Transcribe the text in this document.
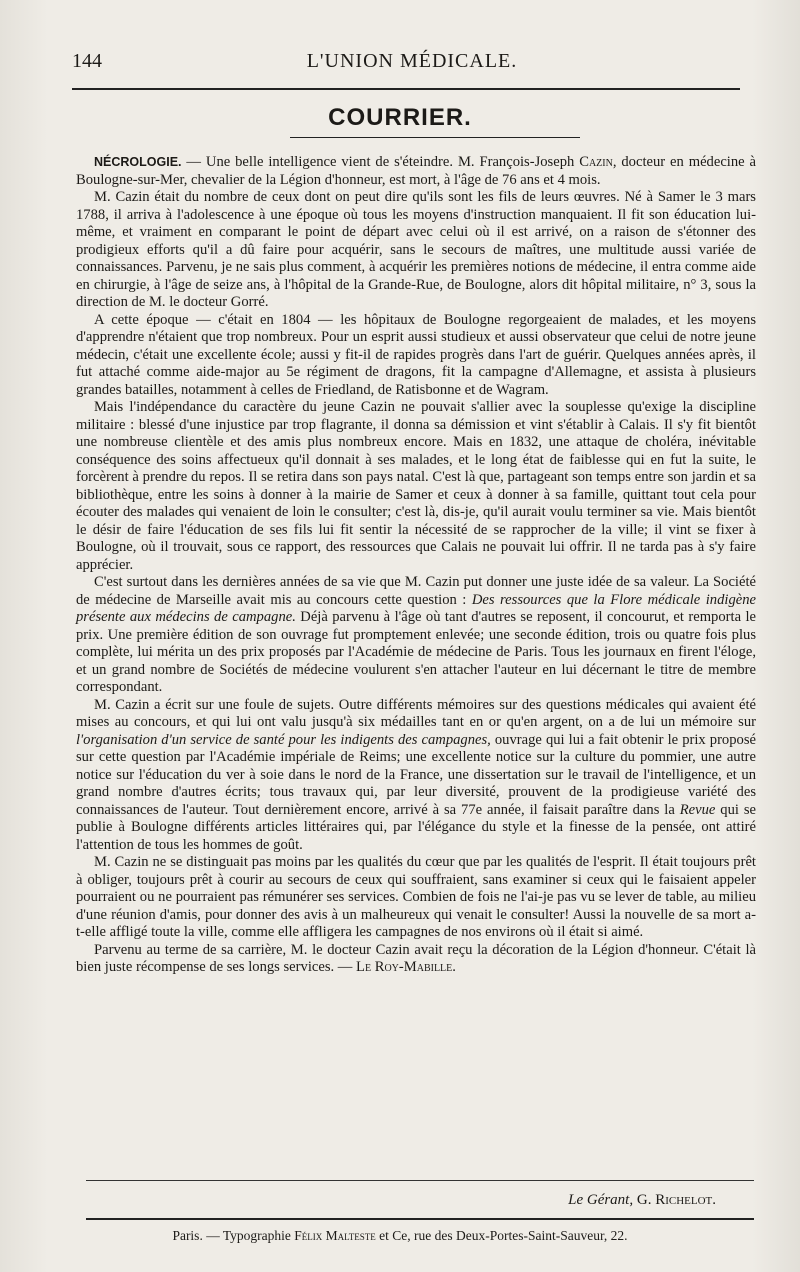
144	L'UNION MÉDICALE.
COURRIER.

NÉCROLOGIE. — Une belle intelligence vient de s'éteindre. M. François-Joseph Cazin, docteur en médecine à Boulogne-sur-Mer, chevalier de la Légion d'honneur, est mort, à l'âge de 76 ans et 4 mois.

M. Cazin était du nombre de ceux dont on peut dire qu'ils sont les fils de leurs œuvres. Né à Samer le 3 mars 1788, il arriva à l'adolescence à une époque où tous les moyens d'instruction manquaient. Il fit son éducation lui-même, et vraiment en comparant le point de départ avec celui où il est arrivé, on a raison de s'étonner des prodigieux efforts qu'il a dû faire pour acquérir, sans le secours de maîtres, une multitude aussi variée de connaissances. Parvenu, je ne sais plus comment, à acquérir les premières notions de médecine, il entra comme aide en chirurgie, à l'âge de seize ans, à l'hôpital de la Grande-Rue, de Boulogne, alors dit hôpital militaire, n° 3, sous la direction de M. le docteur Gorré.

A cette époque — c'était en 1804 — les hôpitaux de Boulogne regorgeaient de malades, et les moyens d'apprendre n'étaient que trop nombreux. Pour un esprit aussi studieux et aussi observateur que celui de notre jeune médecin, c'était une excellente école; aussi y fit-il de rapides progrès dans l'art de guérir. Quelques années après, il fut attaché comme aide-major au 5e régiment de dragons, fit la campagne d'Allemagne, et assista à plusieurs grandes batailles, notamment à celles de Friedland, de Ratisbonne et de Wagram.

Mais l'indépendance du caractère du jeune Cazin ne pouvait s'allier avec la souplesse qu'exige la discipline militaire : blessé d'une injustice par trop flagrante, il donna sa démission et vint s'établir à Calais. Il s'y fit bientôt une nombreuse clientèle et des amis plus nombreux encore. Mais en 1832, une attaque de choléra, inévitable conséquence des soins affectueux qu'il donnait à ses malades, et le long état de faiblesse qui en fut la suite, le forcèrent à prendre du repos. Il se retira dans son pays natal. C'est là que, partageant son temps entre son jardin et sa bibliothèque, entre les soins à donner à la mairie de Samer et ceux à donner à sa famille, quittant tout cela pour écouter des malades qui venaient de loin le consulter; c'est là, dis-je, qu'il aurait voulu terminer sa vie. Mais bientôt le désir de faire l'éducation de ses fils lui fit sentir la nécessité de se rapprocher de la ville; il vint se fixer à Boulogne, où il trouvait, sous ce rapport, des ressources que Calais ne pouvait lui offrir. Il ne tarda pas à s'y faire apprécier.

C'est surtout dans les dernières années de sa vie que M. Cazin put donner une juste idée de sa valeur. La Société de médecine de Marseille avait mis au concours cette question : Des ressources que la Flore médicale indigène présente aux médecins de campagne. Déjà parvenu à l'âge où tant d'autres se reposent, il concourut, et remporta le prix. Une première édition de son ouvrage fut promptement enlevée; une seconde édition, trois ou quatre fois plus complète, lui mérita un des prix proposés par l'Académie de médecine de Paris. Tous les journaux en firent l'éloge, et un grand nombre de Sociétés de médecine voulurent s'en attacher l'auteur en lui décernant le titre de membre correspondant.

M. Cazin a écrit sur une foule de sujets. Outre différents mémoires sur des questions médicales qui avaient été mises au concours, et qui lui ont valu jusqu'à six médailles tant en or qu'en argent, on a de lui un mémoire sur l'organisation d'un service de santé pour les indigents des campagnes, ouvrage qui lui a fait obtenir le prix proposé sur cette question par l'Académie impériale de Reims; une excellente notice sur la culture du pommier, une autre notice sur l'éducation du ver à soie dans le nord de la France, une dissertation sur le travail de l'intelligence, et un grand nombre d'autres écrits; tous travaux qui, par leur diversité, prouvent de la prodigieuse variété des connaissances de l'auteur. Tout dernièrement encore, arrivé à sa 77e année, il faisait paraître dans la Revue qui se publie à Boulogne différents articles littéraires qui, par l'élégance du style et la finesse de la pensée, ont attiré l'attention de tous les hommes de goût.

M. Cazin ne se distinguait pas moins par les qualités du cœur que par les qualités de l'esprit. Il était toujours prêt à obliger, toujours prêt à courir au secours de ceux qui souffraient, sans examiner si ceux qui le faisaient appeler pourraient ou ne pourraient pas rémunérer ses services. Combien de fois ne l'ai-je pas vu se lever de table, au milieu d'une réunion d'amis, pour donner des avis à un malheureux qui venait le consulter! Aussi la nouvelle de sa mort a-t-elle affligé toute la ville, comme elle affligera les campagnes de nos environs où il était si aimé.

Parvenu au terme de sa carrière, M. le docteur Cazin avait reçu la décoration de la Légion d'honneur. C'était là bien juste récompense de ses longs services. — Le Roy-Mabille.

Le Gérant, G. Richelot.
Paris. — Typographie Félix Malteste et Ce, rue des Deux-Portes-Saint-Sauveur, 22.
